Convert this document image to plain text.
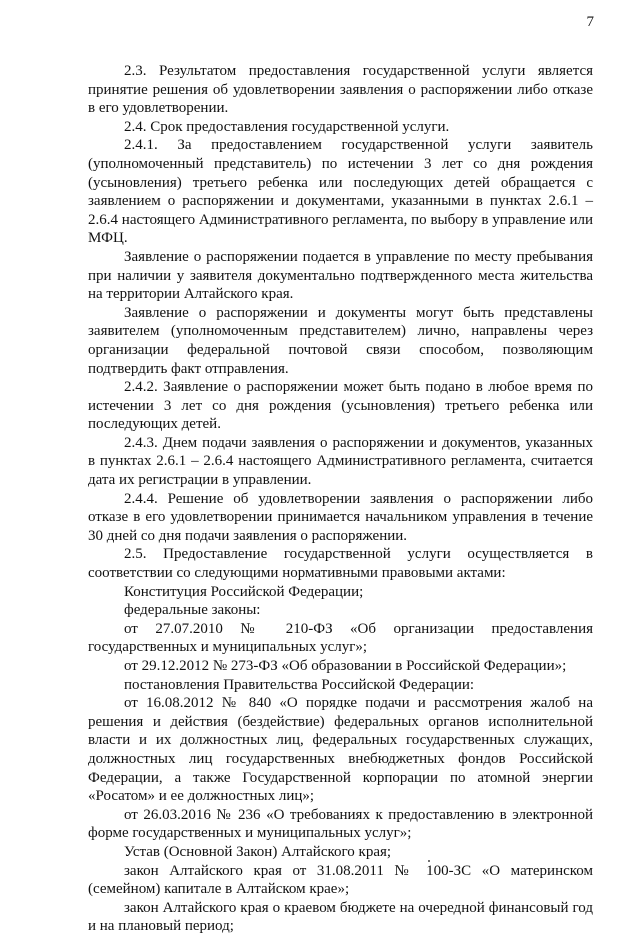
7

2.3. Результатом предоставления государственной услуги является принятие решения об удовлетворении заявления о распоряжении либо отказе в его удовлетворении.

2.4. Срок предоставления государственной услуги.

2.4.1. За предоставлением государственной услуги заявитель (уполномоченный представитель) по истечении 3 лет со дня рождения (усыновления) третьего ребенка или последующих детей обращается с заявлением о распоряжении и документами, указанными в пунктах 2.6.1 – 2.6.4 настоящего Административного регламента, по выбору в управление или МФЦ.

Заявление о распоряжении подается в управление по месту пребывания при наличии у заявителя документально подтвержденного места жительства на территории Алтайского края.

Заявление о распоряжении и документы могут быть представлены заявителем (уполномоченным представителем) лично, направлены через организации федеральной почтовой связи способом, позволяющим подтвердить факт отправления.

2.4.2. Заявление о распоряжении может быть подано в любое время по истечении 3 лет со дня рождения (усыновления) третьего ребенка или последующих детей.

2.4.3. Днем подачи заявления о распоряжении и документов, указанных в пунктах 2.6.1 – 2.6.4 настоящего Административного регламента, считается дата их регистрации в управлении.

2.4.4. Решение об удовлетворении заявления о распоряжении либо отказе в его удовлетворении принимается начальником управления в течение 30 дней со дня подачи заявления о распоряжении.

2.5. Предоставление государственной услуги осуществляется в соответствии со следующими нормативными правовыми актами:

Конституция Российской Федерации;

федеральные законы:

от 27.07.2010 № 210-ФЗ «Об организации предоставления государственных и муниципальных услуг»;

от 29.12.2012 № 273-ФЗ «Об образовании в Российской Федерации»;

постановления Правительства Российской Федерации:

от 16.08.2012 № 840 «О порядке подачи и рассмотрения жалоб на решения и действия (бездействие) федеральных органов исполнительной власти и их должностных лиц, федеральных государственных служащих, должностных лиц государственных внебюджетных фондов Российской Федерации, а также Государственной корпорации по атомной энергии «Росатом» и ее должностных лиц»;

от 26.03.2016 № 236 «О требованиях к предоставлению в электронной форме государственных и муниципальных услуг»;

Устав (Основной Закон) Алтайского края;

закон Алтайского края от 31.08.2011 № 100-ЗС «О материнском (семейном) капитале в Алтайском крае»;

закон Алтайского края о краевом бюджете на очередной финансовый год и на плановый период;
